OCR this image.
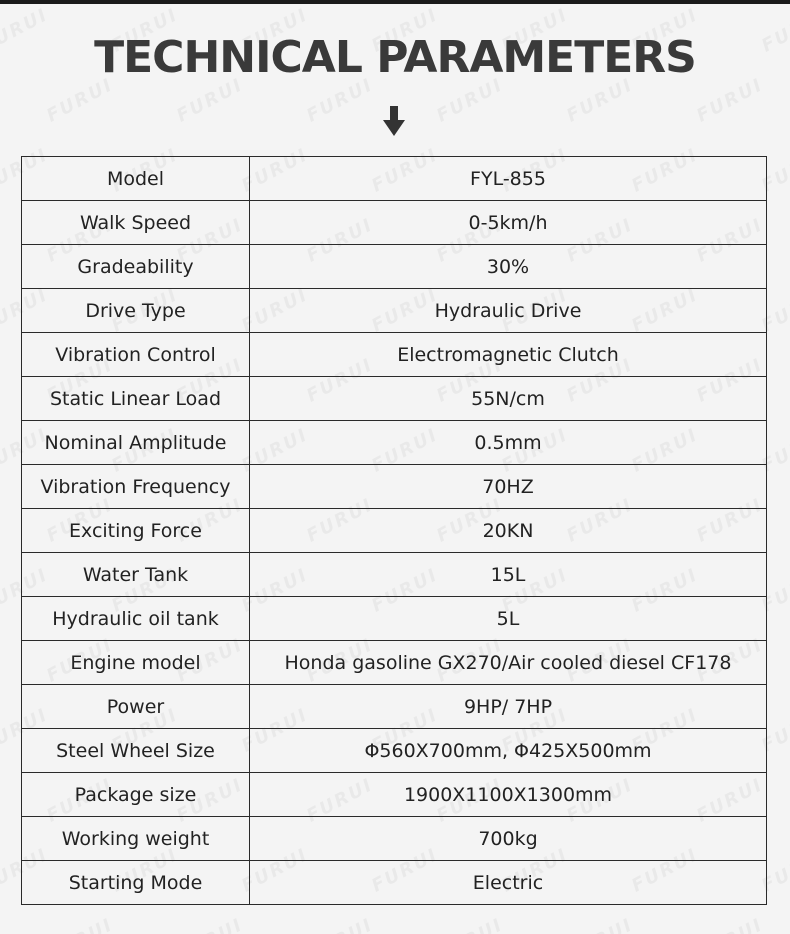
TECHNICAL PARAMETERS
Model	FYL-855
Walk Speed	0-5km/h
Gradeability	30%
Drive Type	Hydraulic Drive
Vibration Control	Electromagnetic Clutch
Static Linear Load	55N/cm
Nominal Amplitude	0.5mm
Vibration Frequency	70HZ
Exciting Force	20KN
Water Tank	15L
Hydraulic oil tank	5L
Engine model	Honda gasoline GX270/Air cooled diesel CF178
Power	9HP/ 7HP
Steel Wheel Size	Φ560X700mm, Φ425X500mm
Package size	1900X1100X1300mm
Working weight	700kg
Starting Mode	Electric
